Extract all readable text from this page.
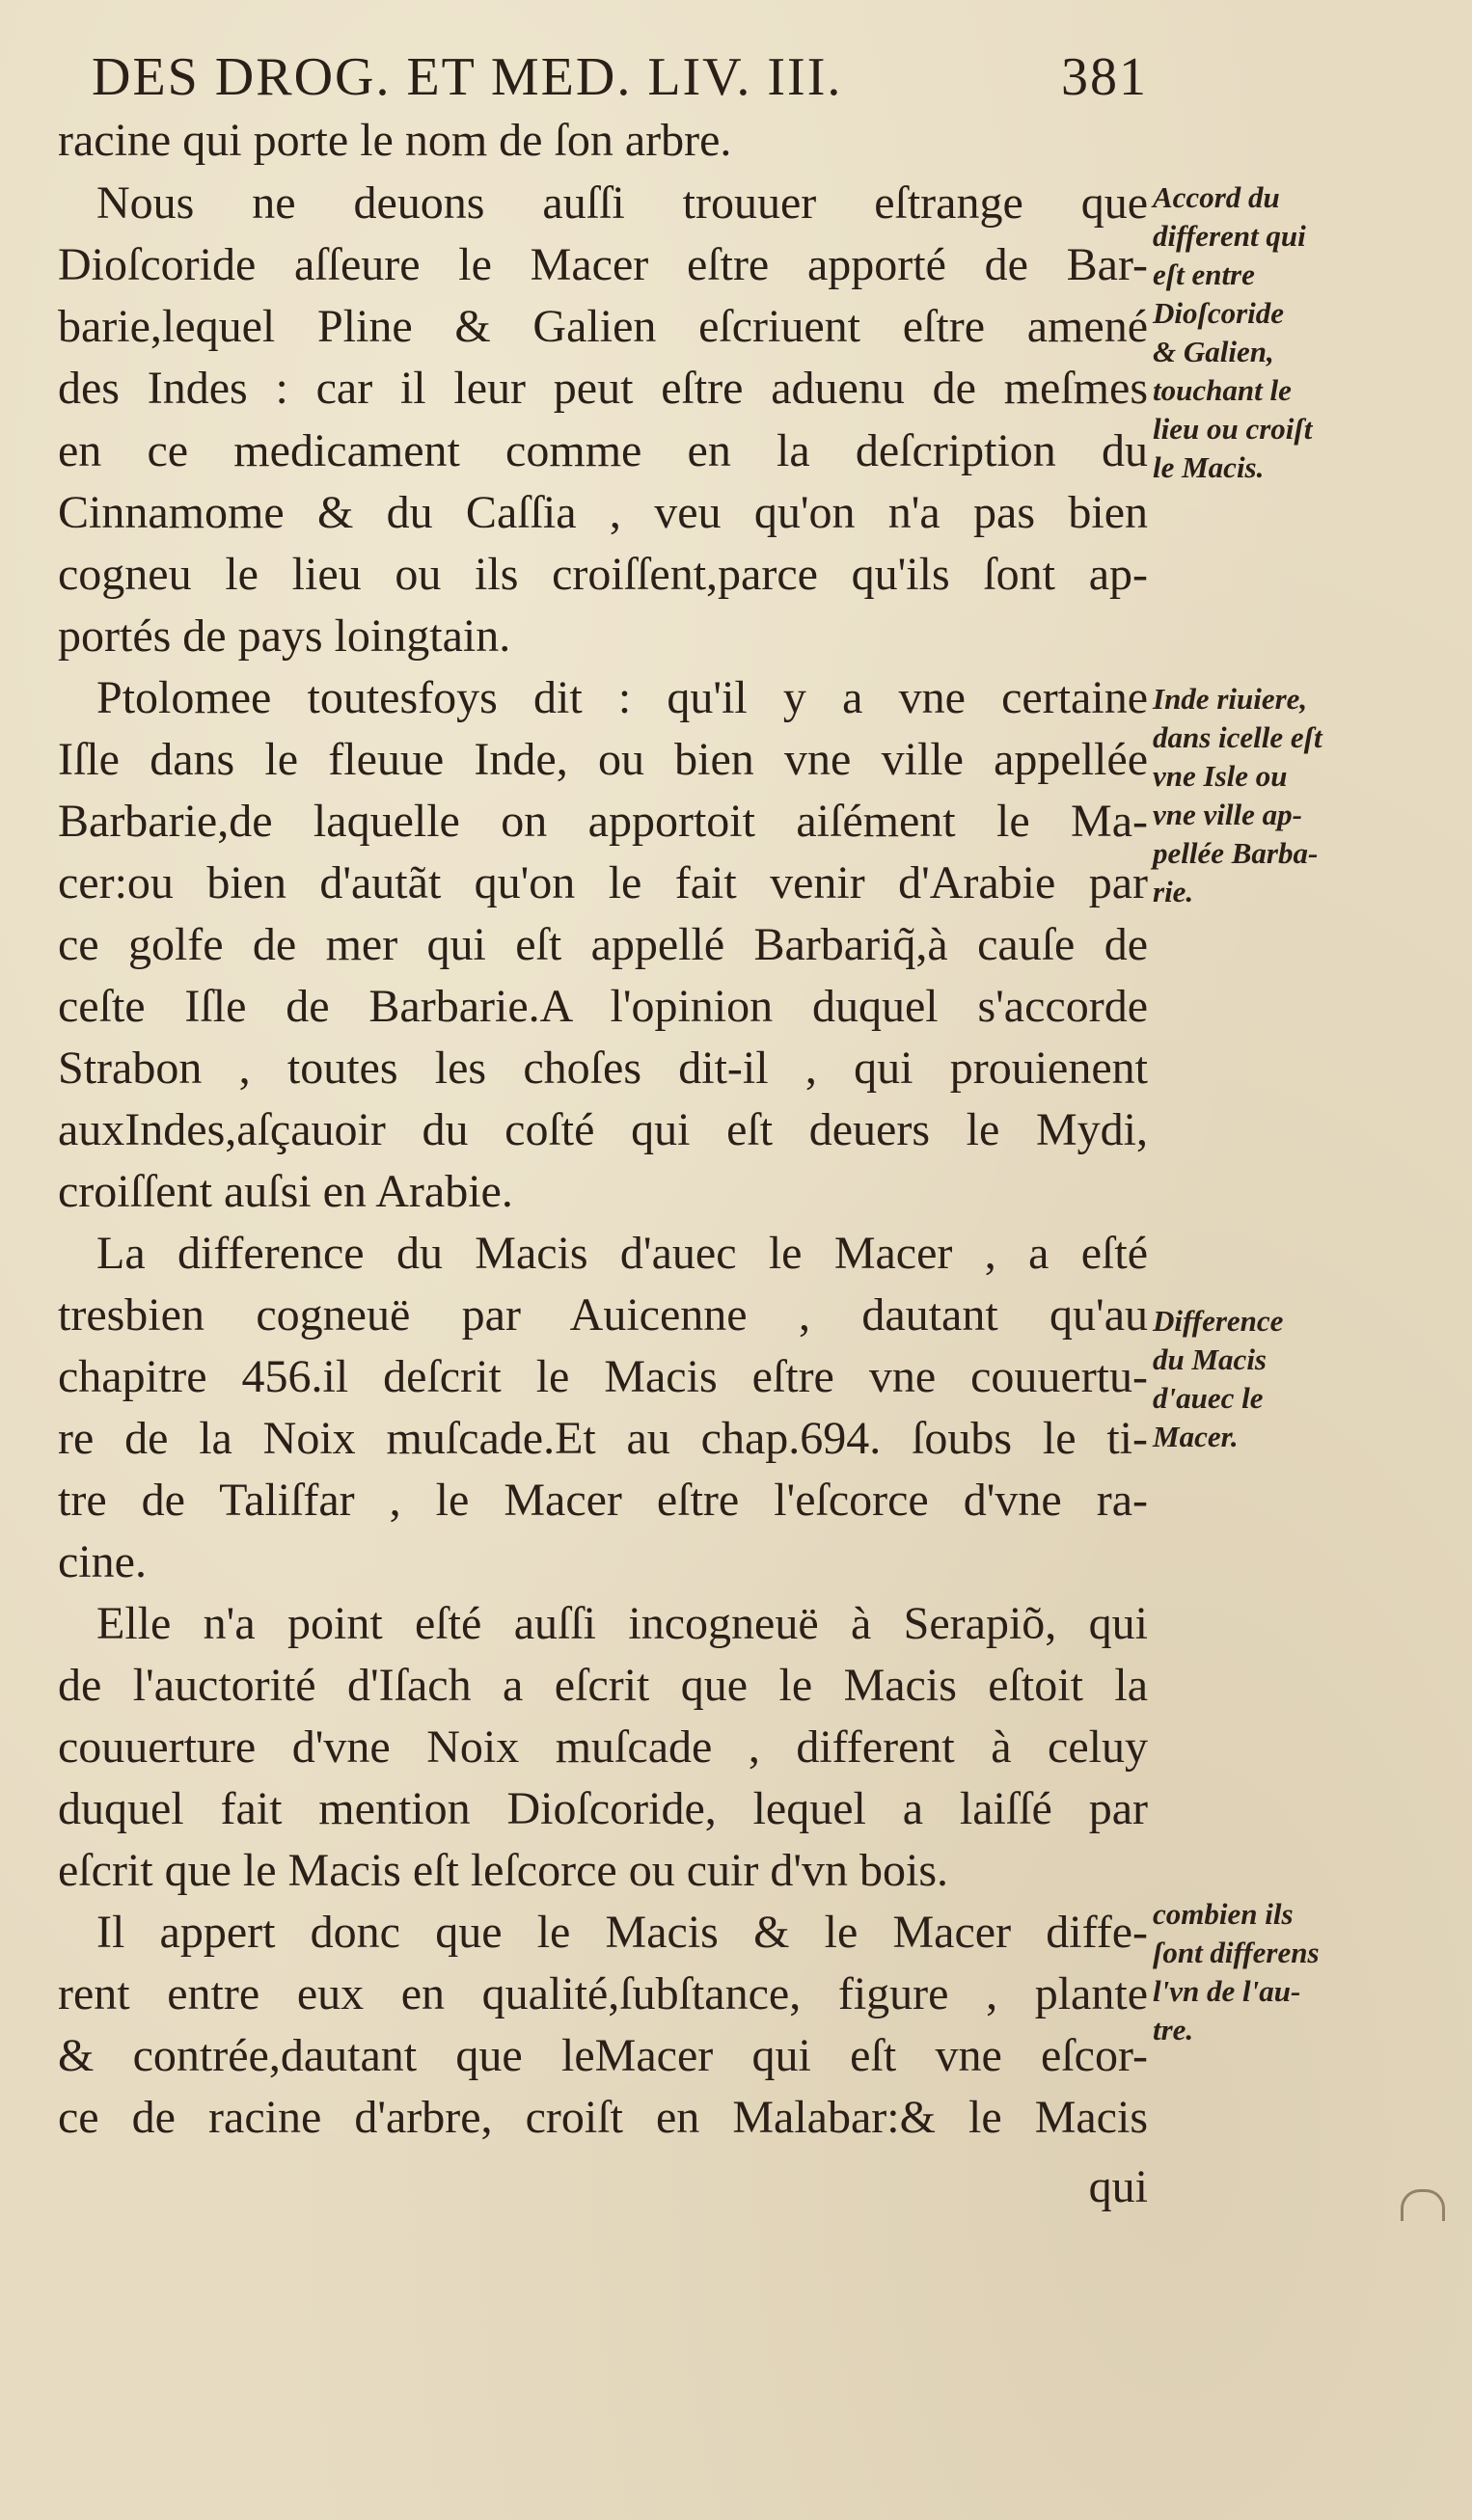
DES DROG. ET MED. LIV. III.	381
racine qui porte le nom de ſon arbre.
Nous ne deuons auſſi trouuer eſtrange que
Dioſcoride aſſeure le Macer eſtre apporté de Bar-
barie,lequel Pline & Galien eſcriuent eſtre amené
des Indes : car il leur peut eſtre aduenu de meſmes
en ce medicament comme en la deſcription du
Cinnamome & du Caſſia , veu qu'on n'a pas bien
cogneu le lieu ou ils croiſſent,parce qu'ils ſont ap-
portés de pays loingtain.
Ptolomee toutesfoys dit : qu'il y a vne certaine
Iſle dans le fleuue Inde, ou bien vne ville appellée
Barbarie,de laquelle on apportoit aiſément le Ma-
cer:ou bien d'autãt qu'on le fait venir d'Arabie par
ce golfe de mer qui eſt appellé Barbariq̃,à cauſe de
ceſte Iſle de Barbarie.A l'opinion duquel s'accorde
Strabon , toutes les choſes dit-il , qui prouienent
auxIndes,aſçauoir du coſté qui eſt deuers le Mydi,
croiſſent auſsi en Arabie.
La difference du Macis d'auec le Macer , a eſté
tresbien cogneuë par Auicenne , dautant qu'au
chapitre 456.il deſcrit le Macis eſtre vne couuertu-
re de la Noix muſcade.Et au chap.694. ſoubs le ti-
tre de Taliſfar , le Macer eſtre l'eſcorce d'vne ra-
cine.
Elle n'a point eſté auſſi incogneuë à Serapiõ, qui
de l'auctorité d'Iſach a eſcrit que le Macis eſtoit la
couuerture d'vne Noix muſcade , different à celuy
duquel fait mention Dioſcoride, lequel a laiſſé par
eſcrit que le Macis eſt leſcorce ou cuir d'vn bois.
Il appert donc que le Macis & le Macer diffe-
rent entre eux en qualité,ſubſtance, figure , plante
& contrée,dautant que leMacer qui eſt vne eſcor-
ce de racine d'arbre, croiſt en Malabar:& le Macis
qui
Accord du
different qui
eſt entre
Dioſcoride
& Galien,
touchant le
lieu ou croiſt
le Macis.
Inde riuiere,
dans icelle eſt
vne Isle ou
vne ville ap-
pellée Barba-
rie.
Difference
du Macis
d'auec le
Macer.
combien ils
ſont differens
l'vn de l'au-
tre.
